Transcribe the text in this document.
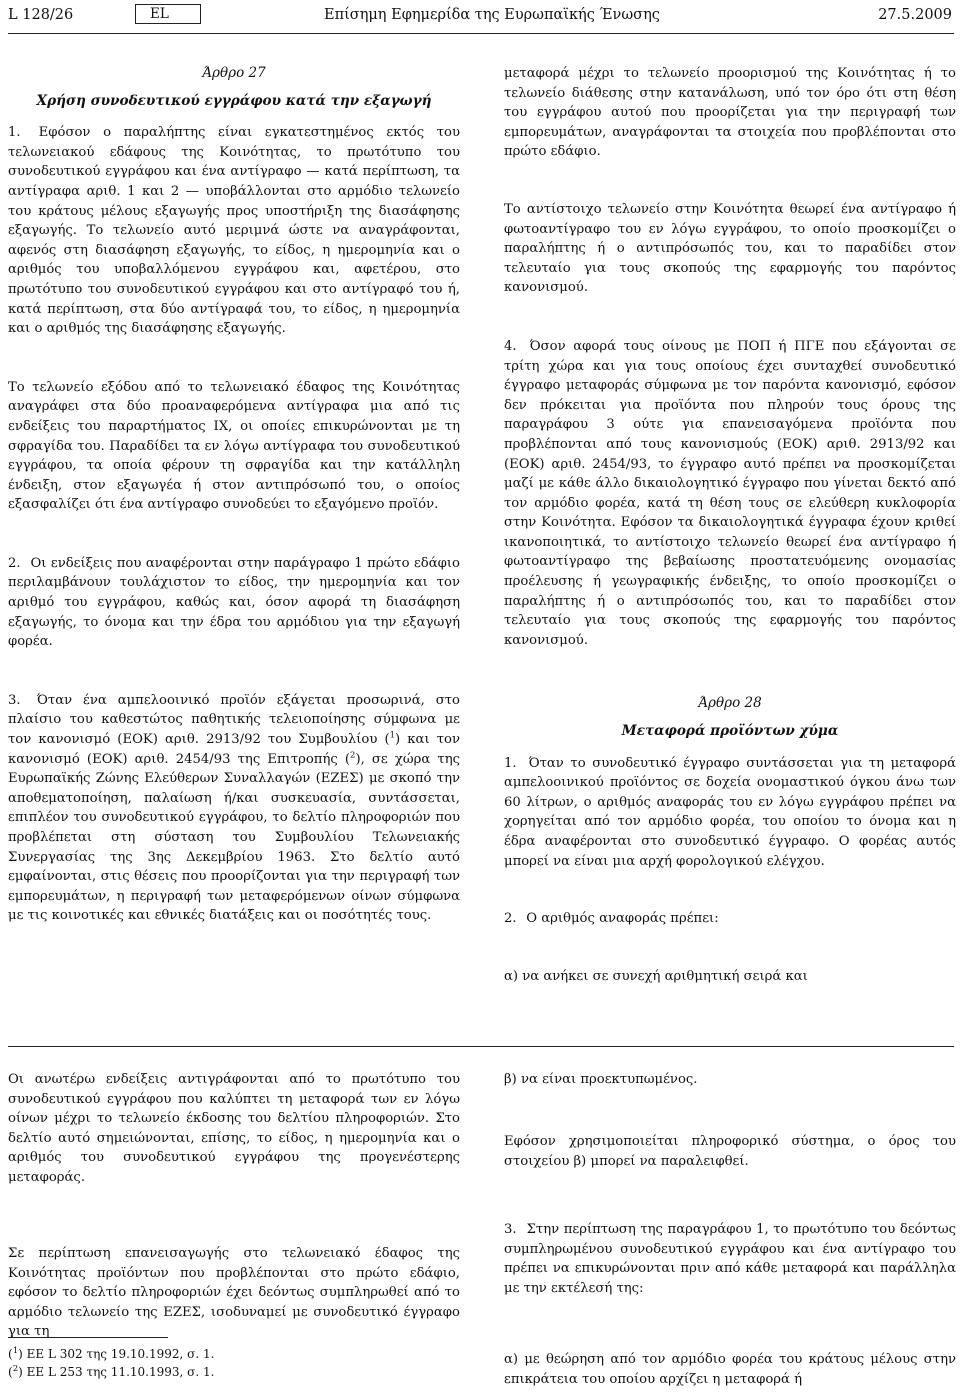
L 128/26	EL	Επίσημη Εφημερίδα της Ευρωπαϊκής Ένωσης	27.5.2009

Άρθρο 27

Χρήση συνοδευτικού εγγράφου κατά την εξαγωγή

1. Εφόσον ο παραλήπτης είναι εγκατεστημένος εκτός του τελωνειακού εδάφους της Κοινότητας, το πρωτότυπο του συνοδευτικού εγγράφου και ένα αντίγραφο — κατά περίπτωση, τα αντίγραφα αριθ. 1 και 2 — υποβάλλονται στο αρμόδιο τελωνείο του κράτους μέλους εξαγωγής προς υποστήριξη της διασάφησης εξαγωγής. Το τελωνείο αυτό μεριμνά ώστε να αναγράφονται, αφενός στη διασάφηση εξαγωγής, το είδος, η ημερομηνία και ο αριθμός του υποβαλλόμενου εγγράφου και, αφετέρου, στο πρωτότυπο του συνοδευτικού εγγράφου και στο αντίγραφό του ή, κατά περίπτωση, στα δύο αντίγραφά του, το είδος, η ημερομηνία και ο αριθμός της διασάφησης εξαγωγής.

Το τελωνείο εξόδου από το τελωνειακό έδαφος της Κοινότητας αναγράφει στα δύο προαναφερόμενα αντίγραφα μια από τις ενδείξεις του παραρτήματος IX, οι οποίες επικυρώνονται με τη σφραγίδα του. Παραδίδει τα εν λόγω αντίγραφα του συνοδευτικού εγγράφου, τα οποία φέρουν τη σφραγίδα και την κατάλληλη ένδειξη, στον εξαγωγέα ή στον αντιπρόσωπό του, ο οποίος εξασφαλίζει ότι ένα αντίγραφο συνοδεύει το εξαγόμενο προϊόν.

2. Οι ενδείξεις που αναφέρονται στην παράγραφο 1 πρώτο εδάφιο περιλαμβάνουν τουλάχιστον το είδος, την ημερομηνία και τον αριθμό του εγγράφου, καθώς και, όσον αφορά τη διασάφηση εξαγωγής, το όνομα και την έδρα του αρμόδιου για την εξαγωγή φορέα.

3. Όταν ένα αμπελοοινικό προϊόν εξάγεται προσωρινά, στο πλαίσιο του καθεστώτος παθητικής τελειοποίησης σύμφωνα με τον κανονισμό (ΕΟΚ) αριθ. 2913/92 του Συμβουλίου ($^1$) και τον κανονισμό (ΕΟΚ) αριθ. 2454/93 της Επιτροπής ($^2$), σε χώρα της Ευρωπαϊκής Ζώνης Ελεύθερων Συναλλαγών (ΕΖΕΣ) με σκοπό την αποθεματοποίηση, παλαίωση ή/και συσκευασία, συντάσσεται, επιπλέον του συνοδευτικού εγγράφου, το δελτίο πληροφοριών που προβλέπεται στη σύσταση του Συμβουλίου Τελωνειακής Συνεργασίας της 3ης Δεκεμβρίου 1963. Στο δελτίο αυτό εμφαίνονται, στις θέσεις που προορίζονται για την περιγραφή των εμπορευμάτων, η περιγραφή των μεταφερόμενων οίνων σύμφωνα με τις κοινοτικές και εθνικές διατάξεις και οι ποσότητές τους.

μεταφορά μέχρι το τελωνείο προορισμού της Κοινότητας ή το τελωνείο διάθεσης στην κατανάλωση, υπό τον όρο ότι στη θέση του εγγράφου αυτού που προορίζεται για την περιγραφή των εμπορευμάτων, αναγράφονται τα στοιχεία που προβλέπονται στο πρώτο εδάφιο.

Το αντίστοιχο τελωνείο στην Κοινότητα θεωρεί ένα αντίγραφο ή φωτοαντίγραφο του εν λόγω εγγράφου, το οποίο προσκομίζει ο παραλήπτης ή ο αντιπρόσωπός του, και το παραδίδει στον τελευταίο για τους σκοπούς της εφαρμογής του παρόντος κανονισμού.

4. Όσον αφορά τους οίνους με ΠΟΠ ή ΠΓΕ που εξάγονται σε τρίτη χώρα και για τους οποίους έχει συνταχθεί συνοδευτικό έγγραφο μεταφοράς σύμφωνα με τον παρόντα κανονισμό, εφόσον δεν πρόκειται για προϊόντα που πληρούν τους όρους της παραγράφου 3 ούτε για επανεισαγόμενα προϊόντα που προβλέπονται από τους κανονισμούς (ΕΟΚ) αριθ. 2913/92 και (ΕΟΚ) αριθ. 2454/93, το έγγραφο αυτό πρέπει να προσκομίζεται μαζί με κάθε άλλο δικαιολογητικό έγγραφο που γίνεται δεκτό από τον αρμόδιο φορέα, κατά τη θέση τους σε ελεύθερη κυκλοφορία στην Κοινότητα. Εφόσον τα δικαιολογητικά έγγραφα έχουν κριθεί ικανοποιητικά, το αντίστοιχο τελωνείο θεωρεί ένα αντίγραφο ή φωτοαντίγραφο της βεβαίωσης προστατευόμενης ονομασίας προέλευσης ή γεωγραφικής ένδειξης, το οποίο προσκομίζει ο παραλήπτης ή ο αντιπρόσωπός του, και το παραδίδει στον τελευταίο για τους σκοπούς της εφαρμογής του παρόντος κανονισμού.

Άρθρο 28

Μεταφορά προϊόντων χύμα

1. Όταν το συνοδευτικό έγγραφο συντάσσεται για τη μεταφορά αμπελοοινικού προϊόντος σε δοχεία ονομαστικού όγκου άνω των 60 λίτρων, ο αριθμός αναφοράς του εν λόγω εγγράφου πρέπει να χορηγείται από τον αρμόδιο φορέα, του οποίου το όνομα και η έδρα αναφέρονται στο συνοδευτικό έγγραφο. Ο φορέας αυτός μπορεί να είναι μια αρχή φορολογικού ελέγχου.

2. Ο αριθμός αναφοράς πρέπει:

α) να ανήκει σε συνεχή αριθμητική σειρά και

Οι ανωτέρω ενδείξεις αντιγράφονται από το πρωτότυπο του συνοδευτικού εγγράφου που καλύπτει τη μεταφορά των εν λόγω οίνων μέχρι το τελωνείο έκδοσης του δελτίου πληροφοριών. Στο δελτίο αυτό σημειώνονται, επίσης, το είδος, η ημερομηνία και ο αριθμός του συνοδευτικού εγγράφου της προγενέστερης μεταφοράς.

Σε περίπτωση επανεισαγωγής στο τελωνειακό έδαφος της Κοινότητας προϊόντων που προβλέπονται στο πρώτο εδάφιο, εφόσον το δελτίο πληροφοριών έχει δεόντως συμπληρωθεί από το αρμόδιο τελωνείο της ΕΖΕΣ, ισοδυναμεί με συνοδευτικό έγγραφο για τη

β) να είναι προεκτυπωμένος.

Εφόσον χρησιμοποιείται πληροφορικό σύστημα, ο όρος του στοιχείου β) μπορεί να παραλειφθεί.

3. Στην περίπτωση της παραγράφου 1, το πρωτότυπο του δεόντως συμπληρωμένου συνοδευτικού εγγράφου και ένα αντίγραφο του πρέπει να επικυρώνονται πριν από κάθε μεταφορά και παράλληλα με την εκτέλεσή της:

α) με θεώρηση από τον αρμόδιο φορέα του κράτους μέλους στην επικράτεια του οποίου αρχίζει η μεταφορά ή

($^1$) ΕΕ L 302 της 19.10.1992, σ. 1.
($^2$) ΕΕ L 253 της 11.10.1993, σ. 1.
